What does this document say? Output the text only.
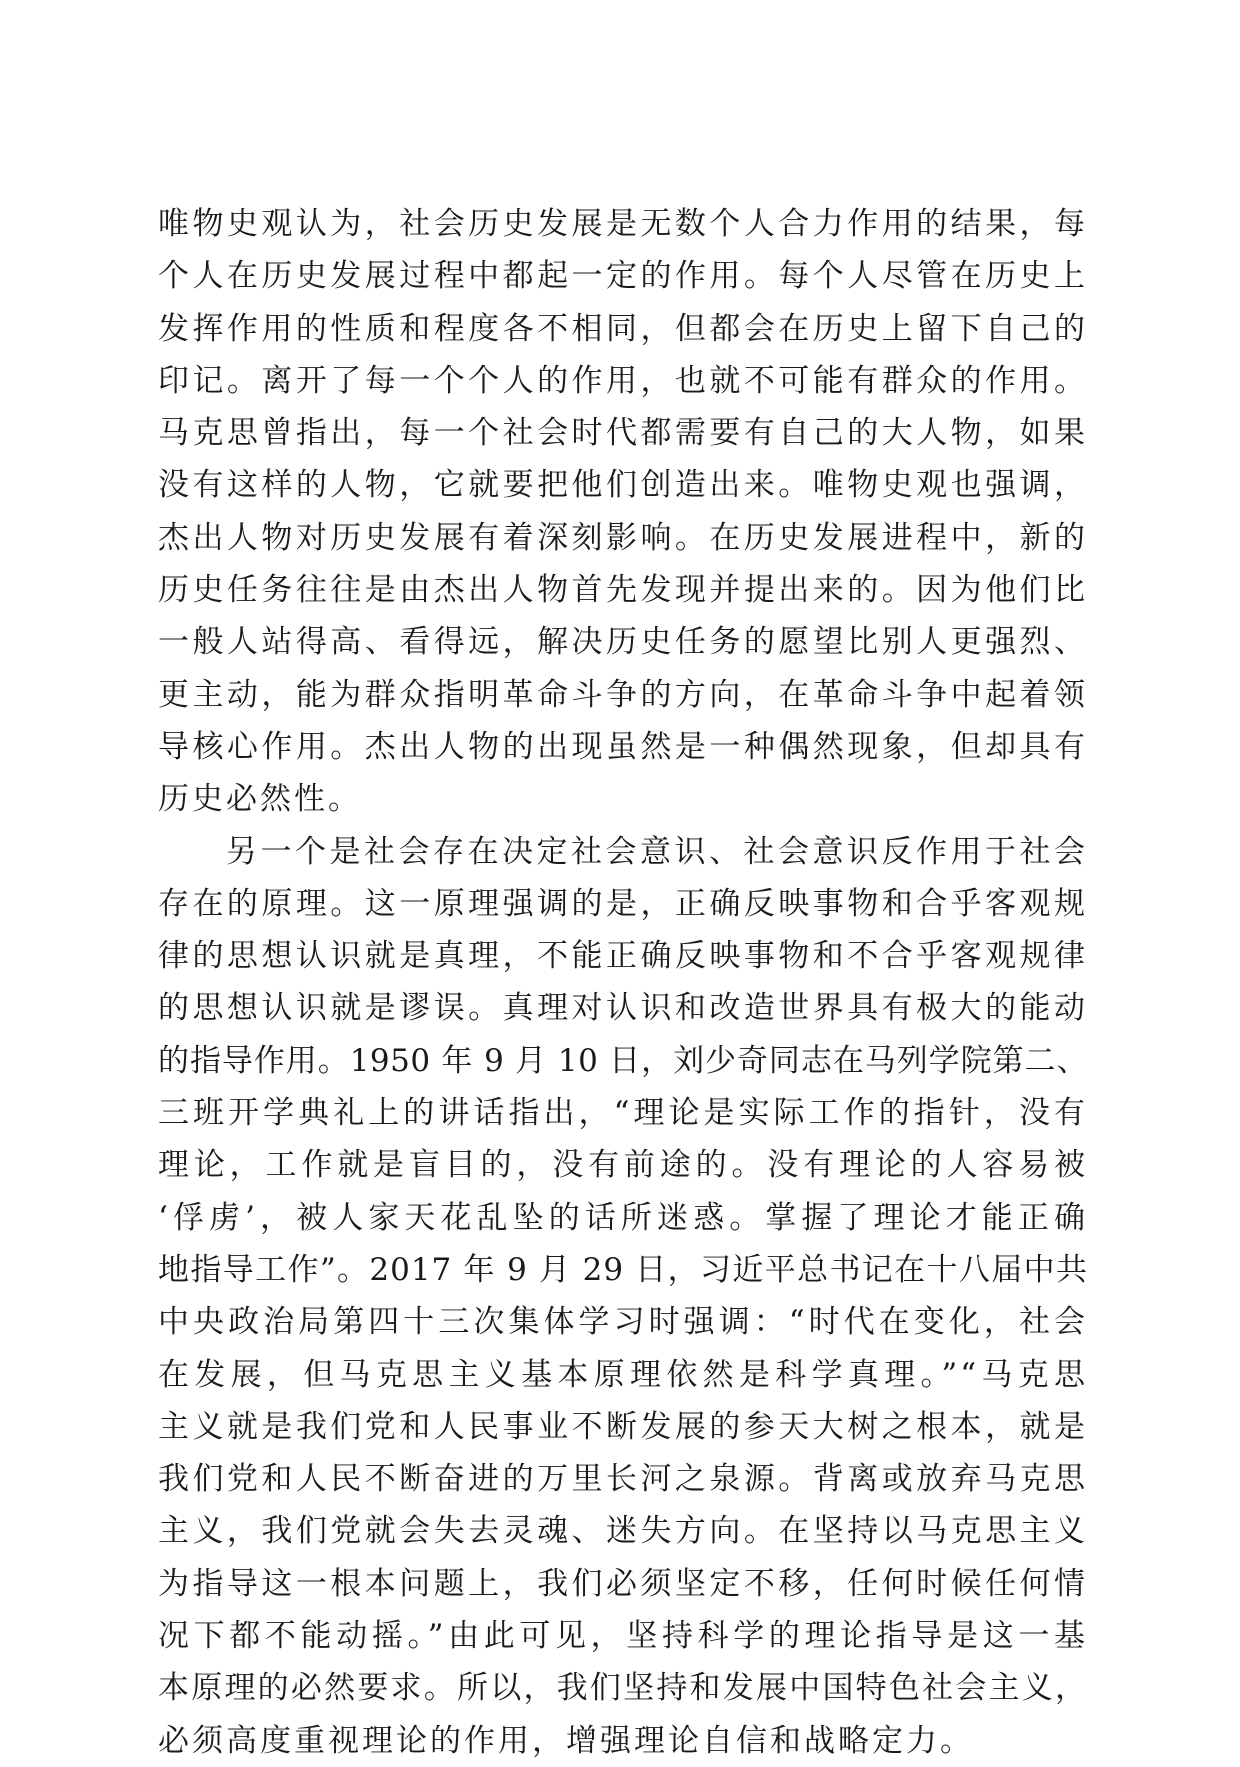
唯物史观认为，社会历史发展是无数个人合力作用的结果，每
个人在历史发展过程中都起一定的作用。每个人尽管在历史上
发挥作用的性质和程度各不相同，但都会在历史上留下自己的
印记。离开了每一个个人的作用，也就不可能有群众的作用。
马克思曾指出，每一个社会时代都需要有自己的大人物，如果
没有这样的人物，它就要把他们创造出来。唯物史观也强调，
杰出人物对历史发展有着深刻影响。在历史发展进程中，新的
历史任务往往是由杰出人物首先发现并提出来的。因为他们比
一般人站得高、看得远，解决历史任务的愿望比别人更强烈、
更主动，能为群众指明革命斗争的方向，在革命斗争中起着领
导核心作用。杰出人物的出现虽然是一种偶然现象，但却具有
历史必然性。
另一个是社会存在决定社会意识、社会意识反作用于社会
存在的原理。这一原理强调的是，正确反映事物和合乎客观规
律的思想认识就是真理，不能正确反映事物和不合乎客观规律
的思想认识就是谬误。真理对认识和改造世界具有极大的能动
的指导作用。1950 年 9 月 10 日，刘少奇同志在马列学院第二、
三班开学典礼上的讲话指出，“理论是实际工作的指针，没有
理论，工作就是盲目的，没有前途的。没有理论的人容易被
‘俘虏’，被人家天花乱坠的话所迷惑。掌握了理论才能正确
地指导工作”。2017 年 9 月 29 日，习近平总书记在十八届中共
中央政治局第四十三次集体学习时强调：“时代在变化，社会
在发展，但马克思主义基本原理依然是科学真理。”“马克思
主义就是我们党和人民事业不断发展的参天大树之根本，就是
我们党和人民不断奋进的万里长河之泉源。背离或放弃马克思
主义，我们党就会失去灵魂、迷失方向。在坚持以马克思主义
为指导这一根本问题上，我们必须坚定不移，任何时候任何情
况下都不能动摇。”由此可见，坚持科学的理论指导是这一基
本原理的必然要求。所以，我们坚持和发展中国特色社会主义，
必须高度重视理论的作用，增强理论自信和战略定力。
